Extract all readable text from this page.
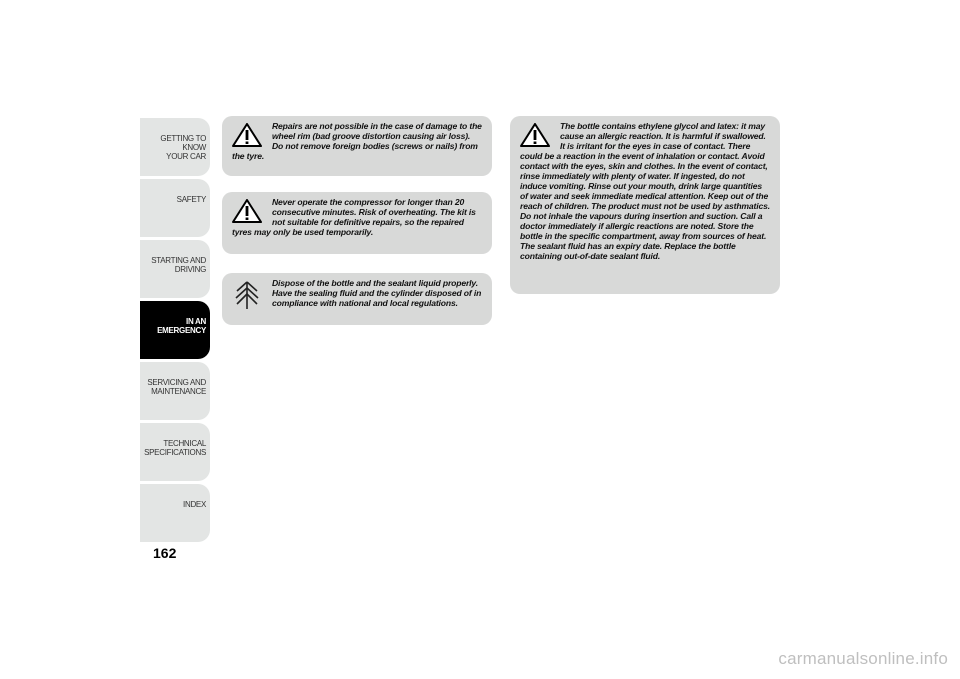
GETTING TO KNOW
YOUR CAR
SAFETY
STARTING AND
DRIVING
IN AN
EMERGENCY
SERVICING AND
MAINTENANCE
TECHNICAL
SPECIFICATIONS
INDEX
162

Repairs are not possible in the case of damage to the wheel rim (bad groove distortion causing air loss). Do not remove foreign bodies (screws or nails) from the tyre.

Never operate the compressor for longer than 20 consecutive minutes. Risk of overheating. The kit is not suitable for definitive repairs, so the repaired tyres may only be used temporarily.

Dispose of the bottle and the sealant liquid properly. Have the sealing fluid and the cylinder disposed of in compliance with national and local regulations.

The bottle contains ethylene glycol and latex: it may cause an allergic reaction. It is harmful if swallowed. It is irritant for the eyes in case of contact. There could be a reaction in the event of inhalation or contact. Avoid contact with the eyes, skin and clothes. In the event of contact, rinse immediately with plenty of water. If ingested, do not induce vomiting. Rinse out your mouth, drink large quantities of water and seek immediate medical attention. Keep out of the reach of children. The product must not be used by asthmatics. Do not inhale the vapours during insertion and suction. Call a doctor immediately if allergic reactions are noted. Store the bottle in the specific compartment, away from sources of heat. The sealant fluid has an expiry date. Replace the bottle containing out-of-date sealant fluid.

carmanualsonline.info
